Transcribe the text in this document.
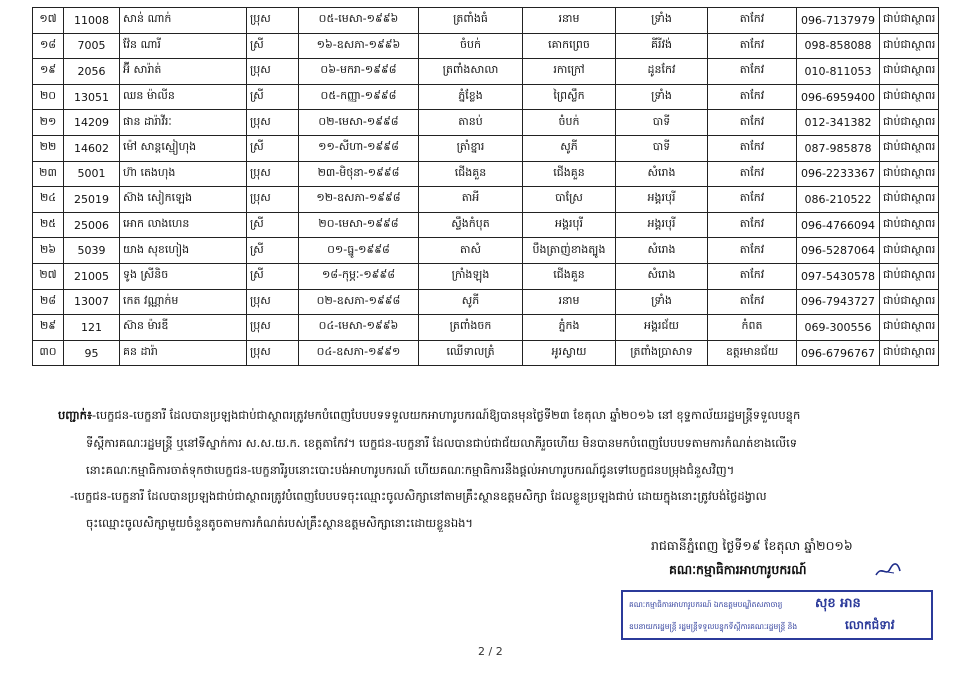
១៧	11008	សាន់ ណាក់	ប្រុស	០៥-មេសា-១៩៩៦	ត្រពាំងធំ	រនាម	ទ្រាំង	តាកែវ	096-7137979	ជាប់ជាស្ថាពរ
១៨	7005	វ៉ែន ណារី	ស្រី	១៦-ឧសភា-១៩៩៦	ចំបក់	គោកព្រេច	គីរីវង់	តាកែវ	098-858088	ជាប់ជាស្ថាពរ
១៩	2056	អ៊ី សារ៉ាត់	ប្រុស	០៦-មករា-១៩៩៨	ត្រពាំងសាលា	រកាក្រៅ	ដូនកែវ	តាកែវ	010-811053	ជាប់ជាស្ថាពរ
២០	13051	ឈន ម៉ាលីន	ស្រី	០៥-កញ្ញា-១៩៩៨	ភ្នំខ្លែង	ព្រៃស្លឹក	ទ្រាំង	តាកែវ	096-6959400	ជាប់ជាស្ថាពរ
២១	14209	ផាន ដារ៉ាវីរៈ	ប្រុស	០២-មេសា-១៩៩៨	តានប់	ចំបក់	បាទី	តាកែវ	012-341382	ជាប់ជាស្ថាពរ
២២	14602	ម៉ៅ សាន្តស្មៀហុង	ស្រី	១១-សីហា-១៩៩៨	ត្រាំខ្នារ	សូភី	បាទី	តាកែវ	087-985878	ជាប់ជាស្ថាពរ
២៣	5001	ហ៊ា តេងហុង	ប្រុស	២៣-មិថុនា-១៩៩៨	ជើងគួន	ជើងគួន	សំរោង	តាកែវ	096-2233367	ជាប់ជាស្ថាពរ
២៤	25019	ស៊ាង សៀកឡេង	ប្រុស	១២-ឧសភា-១៩៩៨	តាអី	បាស្រែ	អង្គរបុរី	តាកែវ	086-210522	ជាប់ជាស្ថាពរ
២៥	25006	អោក លាងហេន	ស្រី	២០-មេសា-១៩៩៨	ស្ទឹងកំបុត	អង្គរបុរី	អង្គរបុរី	តាកែវ	096-4766094	ជាប់ជាស្ថាពរ
២៦	5039	យាង សុខហៀង	ស្រី	០១-ធ្នូ-១៩៩៨	តាសំ	បឹងត្រាញ់ខាងត្បូង	សំរោង	តាកែវ	096-5287064	ជាប់ជាស្ថាពរ
២៧	21005	ទូង ស្រីនិច	ស្រី	១៨-កុម្ភៈ-១៩៩៨	ក្រាំងឡុង	ជើងគួន	សំរោង	តាកែវ	097-5430578	ជាប់ជាស្ថាពរ
២៨	13007	កេត វណ្ណាក់ម	ប្រុស	០២-ឧសភា-១៩៩៨	សូភី	រនាម	ទ្រាំង	តាកែវ	096-7943727	ជាប់ជាស្ថាពរ
២៩	121	ស៊ាន ម៉ារឌី	ប្រុស	០៤-មេសា-១៩៩៦	ត្រពាំងចក	ភ្នំកង	អង្គរជ័យ	កំពត	069-300556	ជាប់ជាស្ថាពរ
៣០	95	គន ដារ៉ា	ប្រុស	០៤-ឧសភា-១៩៩១	ឈើទាលត្រំ	អូរស្វាយ	ត្រពាំងប្រាសាទ	ឧត្តរមានជ័យ	096-6796767	ជាប់ជាស្ថាពរ
បញ្ជាក់៖-បេក្ខជន-បេក្ខនារី ដែលបានប្រឡងជាប់ជាស្ថាពរត្រូវមកបំពេញបែបបទទទួលយកអាហារូបករណ៍ឱ្យបានមុនថ្ងៃទី២៣ ខែតុលា ឆ្នាំ២០១៦ នៅ ខុទ្ទកាល័យរដ្ឋមន្ត្រីទទួលបន្ទុក
ទីស្តីការគណៈរដ្ឋមន្ត្រី ឬនៅទីស្នាក់ការ ស.ស.យ.ក. ខេត្តតាកែវ។ បេក្ខជន-បេក្ខនារី ដែលបានជាប់ជាជ័យលាភីរួចហើយ មិនបានមកបំពេញបែបបទតាមការកំណត់ខាងលើទេ
នោះគណៈកម្មាធិការចាត់ទុកថាបេក្ខជន-បេក្ខនារីរូបនោះបោះបង់អាហារូបករណ៍ ហើយគណៈកម្មាធិការនឹងផ្តល់អាហារូបករណ៍ជូនទៅបេក្ខជនបម្រុងជំនួសវិញ។
-បេក្ខជន-បេក្ខនារី ដែលបានប្រឡងជាប់ជាស្ថាពរត្រូវបំពេញបែបបទចុះឈ្មោះចូលសិក្សានៅតាមគ្រឹះស្ថានឧត្តមសិក្សា ដែលខ្លួនប្រឡងជាប់ ដោយក្នុងនោះត្រូវបង់ថ្លៃដង្វាល
ចុះឈ្មោះចូលសិក្សាមួយចំនួនតូចតាមការកំណត់របស់គ្រឹះស្ថានឧត្តមសិក្សានោះដោយខ្លួនឯង។
រាជធានីភ្នំពេញ ថ្ងៃទី១៩ ខែតុលា ឆ្នាំ២០១៦
គណៈកម្មាធិការអាហារូបករណ៍
គណៈកម្មាធិការអាហារូបករណ៍ ឯកឧត្តមបណ្ឌិតសភាចារ្យ	សុខ អាន
ឧបនាយករដ្ឋមន្ត្រី រដ្ឋមន្ត្រីទទួលបន្ទុកទីស្តីការគណៈរដ្ឋមន្ត្រី និង	លោកជំទាវ
2 / 2
